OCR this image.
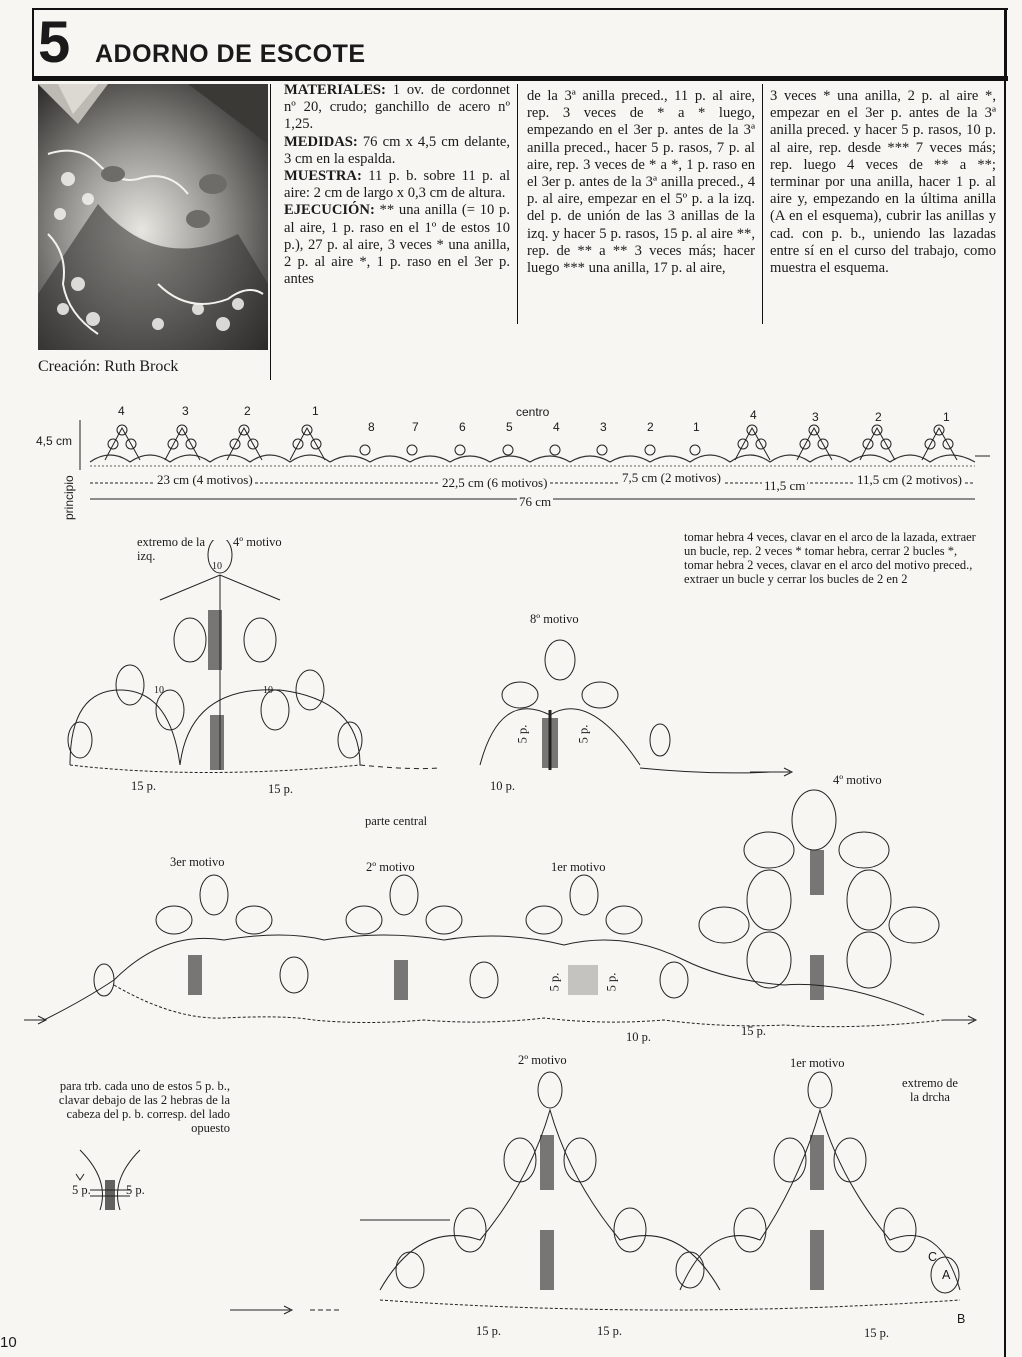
5 ADORNO DE ESCOTE
Creación: Ruth Brock
MATERIALES: 1 ov. de cordonnet nº 20, crudo; ganchillo de acero nº 1,25.
MEDIDAS: 76 cm x 4,5 cm delante, 3 cm en la espalda.
MUESTRA: 11 p. b. sobre 11 p. al aire: 2 cm de largo x 0,3 cm de altura.
EJECUCIÓN: ** una anilla (= 10 p. al aire, 1 p. raso en el 1º de estos 10 p.), 27 p. al aire, 3 veces * una anilla, 2 p. al aire *, 1 p. raso en el 3er p. antes
de la 3ª anilla preced., 11 p. al aire, rep. 3 veces de * a * luego, empezando en el 3er p. antes de la 3ª anilla preced., hacer 5 p. rasos, 7 p. al aire, rep. 3 veces de * a *, 1 p. raso en el 3er p. antes de la 3ª anilla preced., 4 p. al aire, empezar en el 5º p. a la izq. del p. de unión de las 3 anillas de la izq. y hacer 5 p. rasos, 15 p. al aire **, rep. de ** a ** 3 veces más; hacer luego *** una anilla, 17 p. al aire,
3 veces * una anilla, 2 p. al aire *, empezar en el 3er p. antes de la 3ª anilla preced. y hacer 5 p. rasos, 10 p. al aire, rep. desde *** 7 veces más; rep. luego 4 veces de ** a **; terminar por una anilla, hacer 1 p. al aire y, empezando en la última anilla (A en el esquema), cubrir las anillas y cad. con p. b., uniendo las lazadas entre sí en el curso del trabajo, como muestra el esquema.
centro
4,5 cm
principio
4	3	2	1
8	7	6	5	4	3	2	1
4	3	2	1
23 cm (4 motivos)	22,5 cm (6 motivos)	7,5 cm (2 motivos)
11,5 cm	11,5 cm (2 motivos)
76 cm
extremo de la izq.
4º motivo
8º motivo
tomar hebra 4 veces, clavar en el arco de la lazada, extraer un bucle, rep. 2 veces * tomar hebra, cerrar 2 bucles *, tomar hebra 2 veces, clavar en el arco del motivo preced., extraer un bucle y cerrar los bucles de 2 en 2
15 p.	15 p.	10 p.
5 p.	5 p.
10
10	10
parte central
3er motivo	2º motivo	1er motivo
4º motivo
10 p.	15 p.
5 p.	5 p.
para trb. cada uno de estos 5 p. b., clavar debajo de las 2 hebras de la cabeza del p. b. corresp. del lado opuesto
2º motivo	1er motivo
extremo de la drcha
5 p.	5 p.
15 p.	15 p.	15 p.
A
B
C
10
